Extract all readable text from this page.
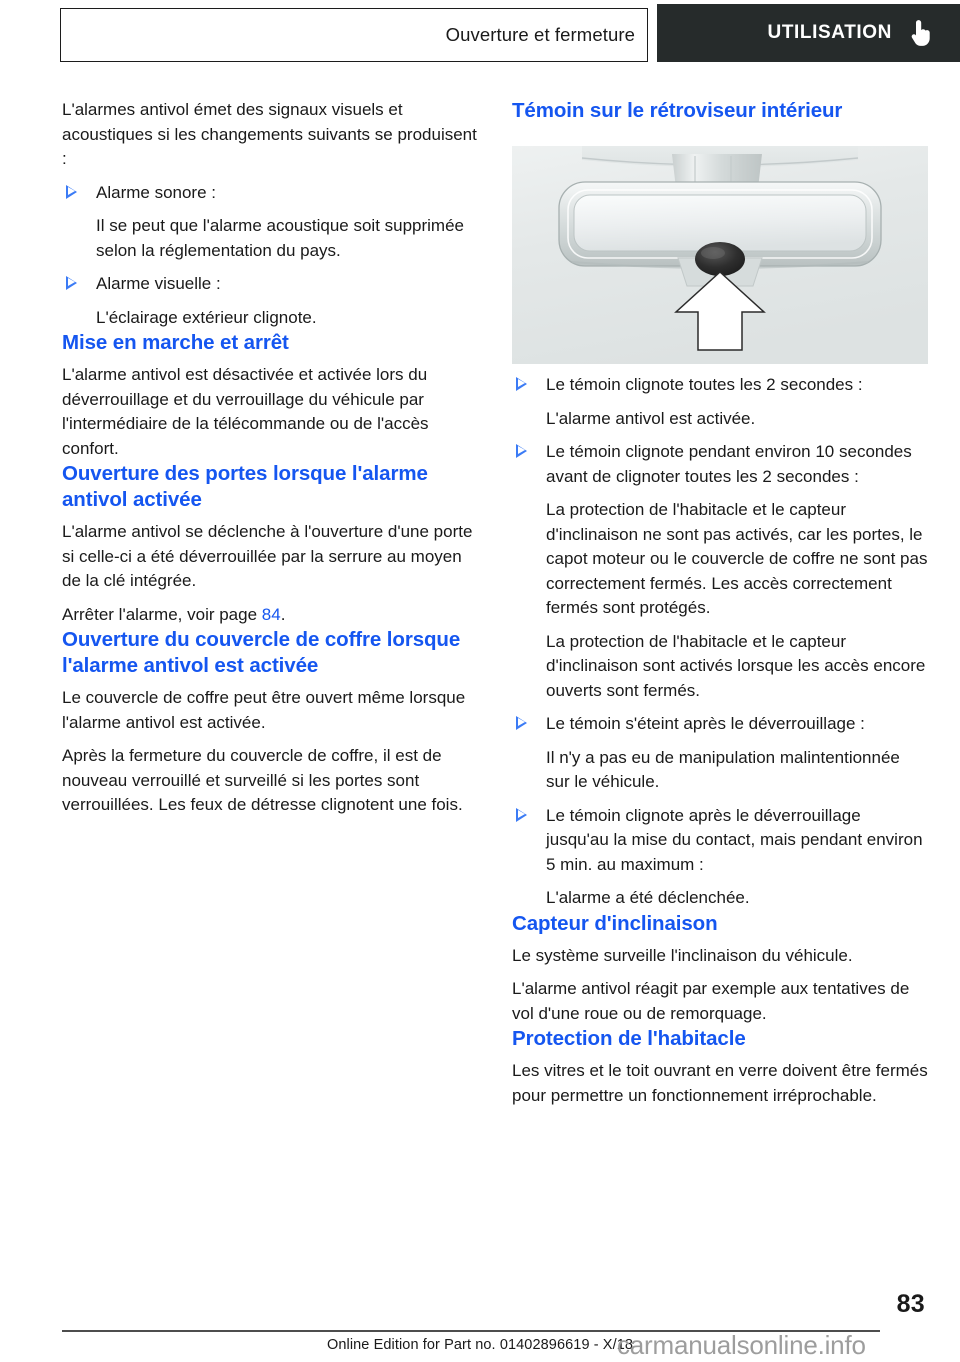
Ouverture et fermeture	UTILISATION

L'alarmes antivol émet des signaux visuels et acoustiques si les changements suivants se produisent :

Alarme sonore :
Il se peut que l'alarme acoustique soit supprimée selon la réglementation du pays.
Alarme visuelle :
L'éclairage extérieur clignote.
Mise en marche et arrêt

L'alarme antivol est désactivée et activée lors du déverrouillage et du verrouillage du véhicule par l'intermédiaire de la télécommande ou de l'accès confort.

Ouverture des portes lorsque l'alarme antivol activée

L'alarme antivol se déclenche à l'ouverture d'une porte si celle-ci a été déverrouillée par la serrure au moyen de la clé intégrée.

Arrêter l'alarme, voir page 84.

Ouverture du couvercle de coffre lorsque l'alarme antivol est activée

Le couvercle de coffre peut être ouvert même lorsque l'alarme antivol est activée.

Après la fermeture du couvercle de coffre, il est de nouveau verrouillé et surveillé si les portes sont verrouillées. Les feux de détresse clignotent une fois.

Témoin sur le rétroviseur intérieur
Le témoin clignote toutes les 2 secondes :
L'alarme antivol est activée.
Le témoin clignote pendant environ 10 secondes avant de clignoter toutes les 2 secondes :
La protection de l'habitacle et le capteur d'inclinaison ne sont pas activés, car les portes, le capot moteur ou le couvercle de coffre ne sont pas correctement fermés. Les accès correctement fermés sont protégés.
La protection de l'habitacle et le capteur d'inclinaison sont activés lorsque les accès encore ouverts sont fermés.
Le témoin s'éteint après le déverrouillage :
Il n'y a pas eu de manipulation malintentionnée sur le véhicule.
Le témoin clignote après le déverrouillage jusqu'au la mise du contact, mais pendant environ 5 min. au maximum :
L'alarme a été déclenchée.
Capteur d'inclinaison

Le système surveille l'inclinaison du véhicule.

L'alarme antivol réagit par exemple aux tentatives de vol d'une roue ou de remorquage.

Protection de l'habitacle

Les vitres et le toit ouvrant en verre doivent être fermés pour permettre un fonctionnement irréprochable.

83
Online Edition for Part no. 01402896619 - X/18
carmanualsonline.info
